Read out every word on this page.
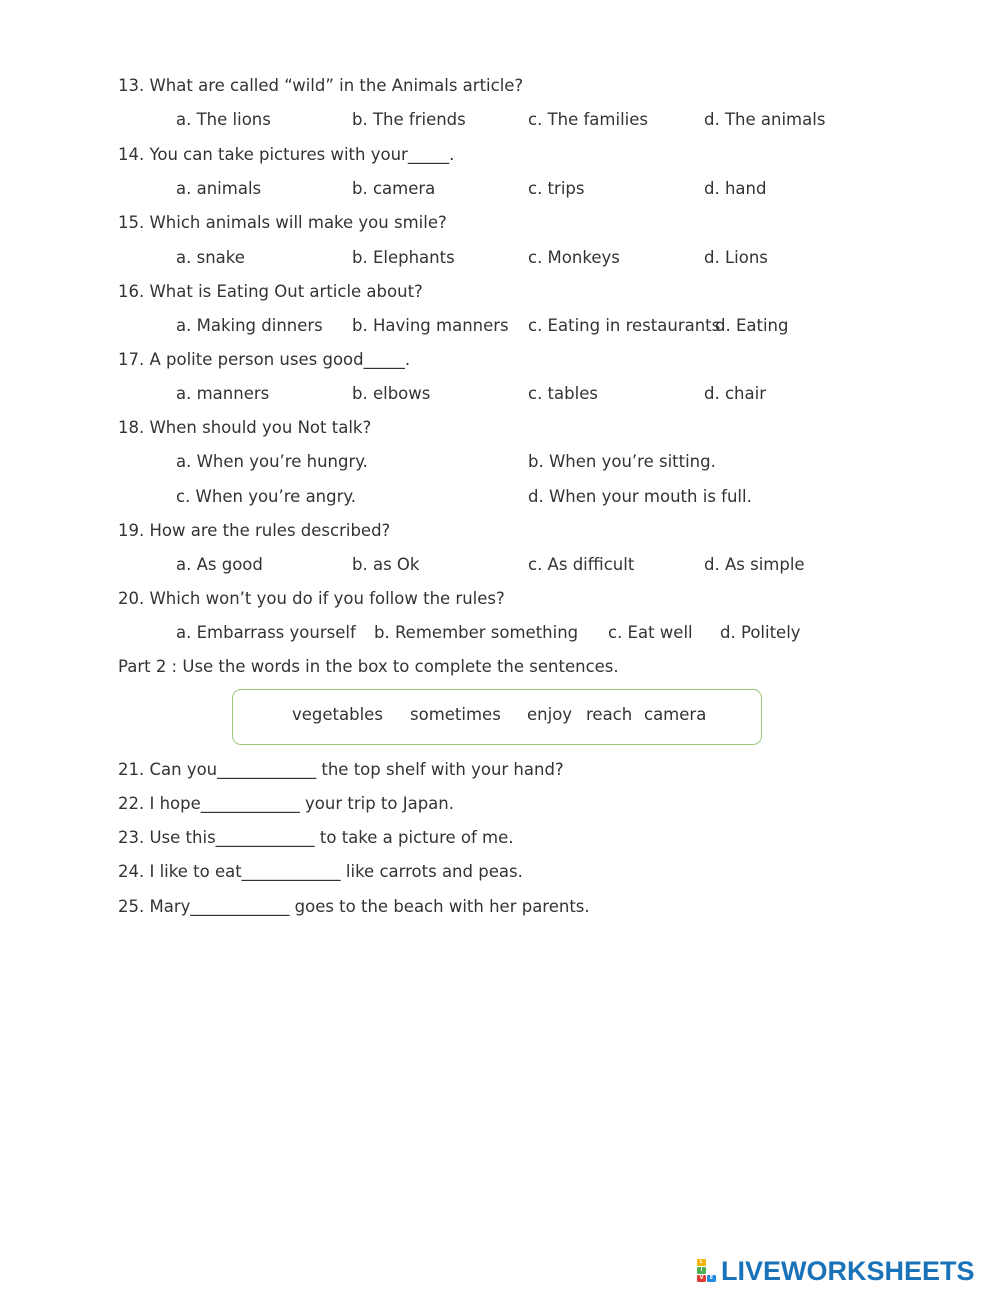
13. What are called “wild” in the Animals article?
a. The lions	b. The friends	c. The families	d. The animals
14. You can take pictures with your_____.
a. animals	b. camera	c. trips	d. hand
15. Which animals will make you smile?
a. snake	b. Elephants	c. Monkeys	d. Lions
16. What is Eating Out article about?
a. Making dinners b. Having manners c. Eating in restaurants
d. Eating
17. A polite person uses good_____.
a. manners	b. elbows	c. tables	d. chair
18. When should you Not talk?
a. When you’re hungry.	b. When you’re sitting.
c. When you’re angry.	d. When your mouth is full.
19. How are the rules described?
a. As good	b. as Ok	c. As difficult	d. As simple
20. Which won’t you do if you follow the rules?
a. Embarrass yourself b. Remember something c. Eat well d. Politely
Part 2 : Use the words in the box to complete the sentences.
vegetables sometimes enjoy reach camera
21. Can you____________ the top shelf with your hand?
22. I hope____________ your trip to Japan.
23. Use this____________ to take a picture of me.
24. I like to eat____________ like carrots and peas.
25. Mary____________ goes to the beach with her parents.
L
I
V	E LIVEWORKSHEETS
